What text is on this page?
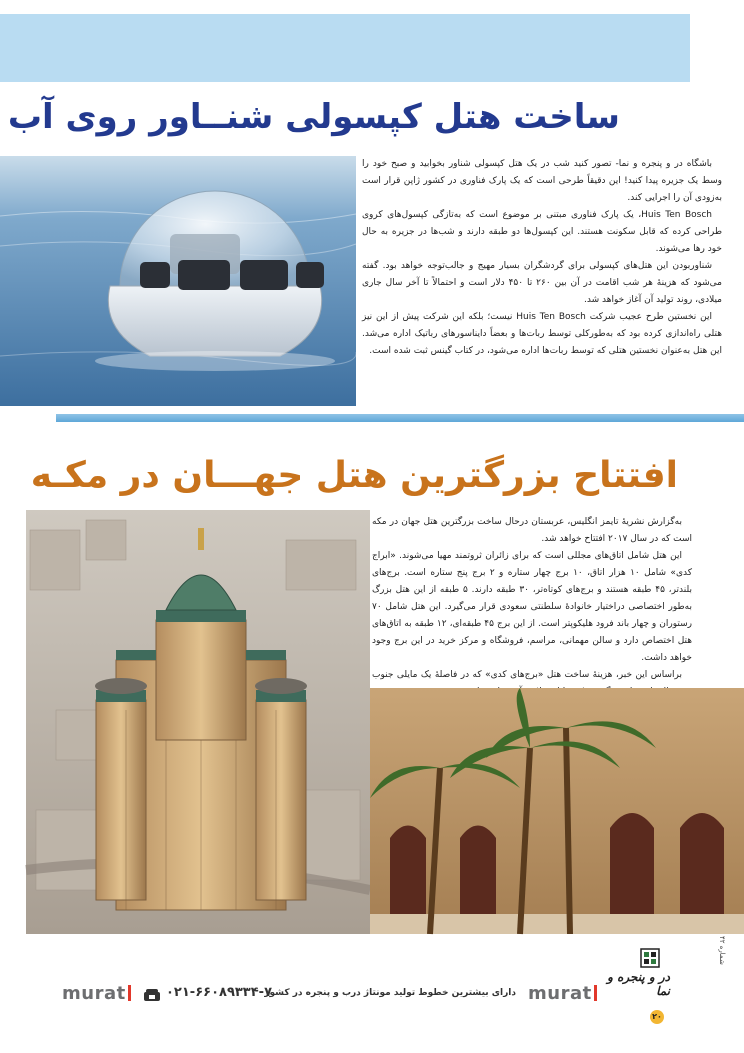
ساخت هتل کپسولی شنــاور روی آب

باشگاه در و پنجره و نما- تصور کنید شب در یک هتل کپسولی شناور بخوابید و صبح خود را وسط یک جزیره پیدا کنید! این دقیقاً طرحی است که یک پارک فناوری در کشور ژاپن قرار است به‌زودی آن را اجرایی کند.

Huis Ten Bosch، یک پارک فناوری مبتنی بر موضوع است که به‌تازگی کپسول‌های کروی طراحی کرده که قابل سکونت هستند. این کپسول‌ها دو طبقه دارند و شب‌ها در جزیره به حال خود رها می‌شوند.

شناوربودن این هتل‌های کپسولی برای گردشگران بسیار مهیج و جالب‌توجه خواهد بود. گفته می‌شود که هزینهٔ هر شب اقامت در آن بین ۲۶۰ تا ۴۵۰ دلار است و احتمالاً تا آخر سال جاری میلادی، روند تولید آن آغاز خواهد شد.

این نخستین طرح عجیب شرکت Huis Ten Bosch نیست؛ بلکه این شرکت پیش از این نیز هتلی راه‌اندازی کرده بود که به‌طورکلی توسط ربات‌ها و بعضاً دایناسورهای رباتیک اداره می‌شد. این هتل به‌عنوان نخستین هتلی که توسط ربات‌ها اداره می‌شود، در کتاب گینس ثبت شده است.

افتتاح بزرگترین هتل جهـــان در مکـه

به‌گزارش نشریهٔ تایمز انگلیس، عربستان درحال ساخت بزرگترین هتل جهان در مکه است که در سال ۲۰۱۷ افتتاح خواهد شد.

این هتل شامل اتاق‌های مجللی است که برای زائران ثروتمند مهیا می‌شوند. «ابراج کدی» شامل ۱۰ هزار اتاق، ۱۰ برج چهار ستاره و ۲ برج پنج ستاره است. برج‌های بلندتر، ۴۵ طبقه هستند و برج‌های کوتاه‌تر، ۳۰ طبقه دارند. ۵ طبقه از این هتل بزرگ به‌طور اختصاصی دراختیار خانوادهٔ سلطنتی سعودی قرار می‌گیرد. این هتل شامل ۷۰ رستوران و چهار باند فرود هلیکوپتر است. از این برج ۴۵ طبقه‌ای، ۱۲ طبقه به اتاق‌های هتل اختصاص دارد و سالن مهمانی، مراسم، فروشگاه و مرکز خرید در این برج وجود خواهد داشت.

براساس این خبر، هزینهٔ ساخت هتل «برج‌های کدی» که در فاصلهٔ یک مایلی جنوب

murat	۰۲۱-۶۶۰۸۹۳۳۴-۷
دارای بیشترین خطوط تولید مونتاژ درب و پنجره در کشور murat
در و پنجره و نما
۲۰
شماره ۴۲
